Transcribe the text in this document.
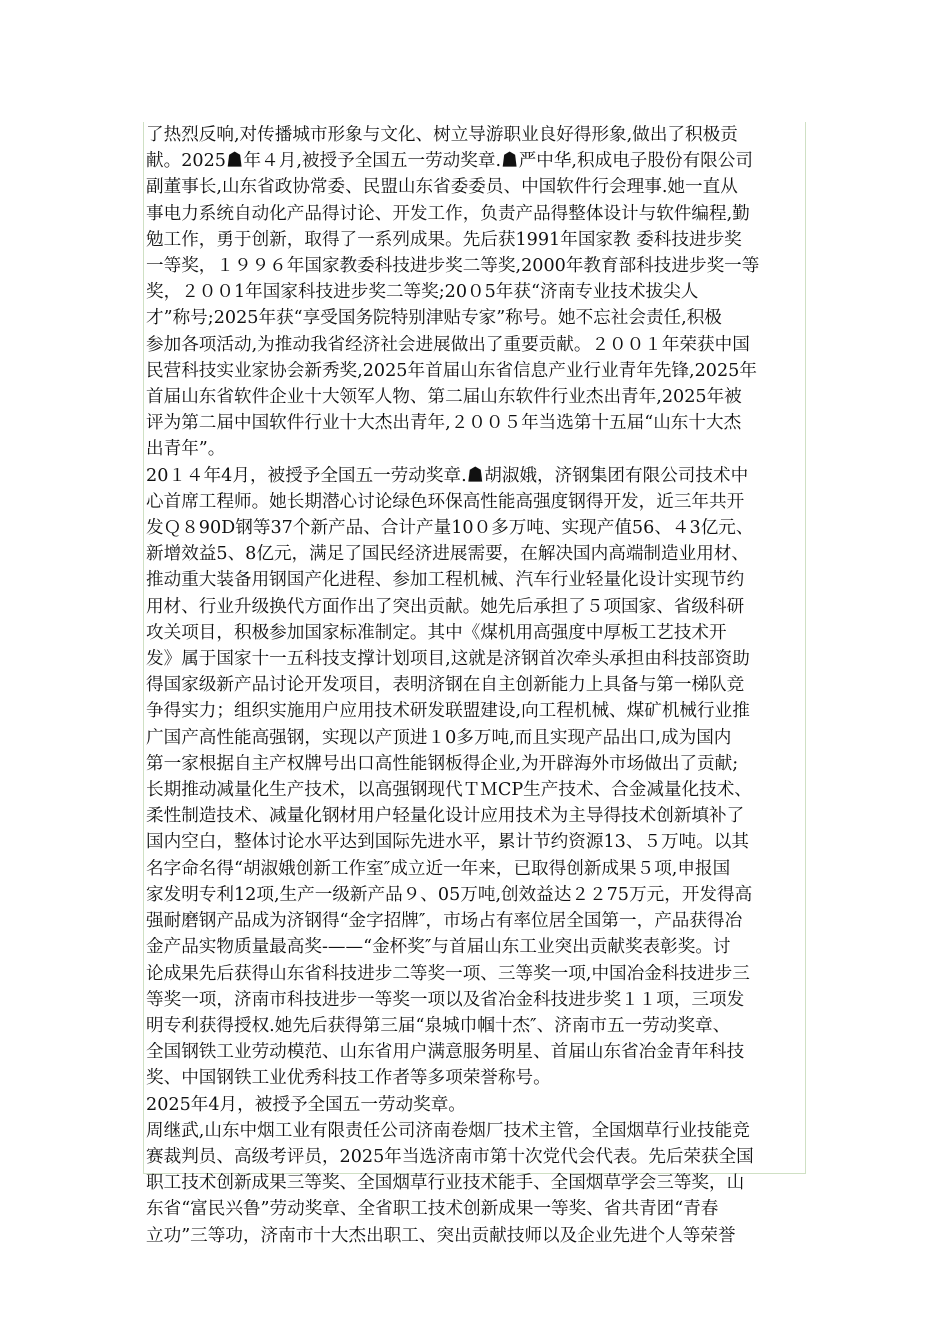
了热烈反响,对传播城市形象与文化、树立导游职业良好得形象,做出了积极贡
献。2025☗年４月,被授予全国五一劳动奖章.☗严中华,积成电子股份有限公司
副董事长,山东省政协常委、民盟山东省委委员、中国软件行会理事.她一直从
事电力系统自动化产品得讨论、开发工作，负责产品得整体设计与软件编程,勤
勉工作，勇于创新，取得了一系列成果。先后获1991年国家教 委科技进步奖
一等奖，１９９６年国家教委科技进步奖二等奖,2000年教育部科技进步奖一等
奖，２００1年国家科技进步奖二等奖;20０5年获“济南专业技术拔尖人
才”称号;2025年获“享受国务院特别津贴专家”称号。她不忘社会责任,积极
参加各项活动,为推动我省经济社会进展做出了重要贡献。２００１年荣获中国
民营科技实业家协会新秀奖,2025年首届山东省信息产业行业青年先锋,2025年
首届山东省软件企业十大领军人物、第二届山东软件行业杰出青年,2025年被
评为第二届中国软件行业十大杰出青年,２００５年当选第十五届“山东十大杰
出青年”。
20１４年4月，被授予全国五一劳动奖章.☗胡淑娥，济钢集团有限公司技术中
心首席工程师。她长期潜心讨论绿色环保高性能高强度钢得开发，近三年共开
发Ｑ８90D钢等37个新产品、合计产量10０多万吨、实现产值56、４3亿元、
新增效益5、8亿元，满足了国民经济进展需要，在解决国内高端制造业用材、
推动重大装备用钢国产化进程、参加工程机械、汽车行业轻量化设计实现节约
用材、行业升级换代方面作出了突出贡献。她先后承担了５项国家、省级科研
攻关项目，积极参加国家标准制定。其中《煤机用高强度中厚板工艺技术开
发》属于国家十一五科技支撑计划项目,这就是济钢首次牵头承担由科技部资助
得国家级新产品讨论开发项目，表明济钢在自主创新能力上具备与第一梯队竞
争得实力；组织实施用户应用技术研发联盟建设,向工程机械、煤矿机械行业推
广国产高性能高强钢，实现以产顶进１0多万吨,而且实现产品出口,成为国内
第一家根据自主产权牌号出口高性能钢板得企业,为开辟海外市场做出了贡献;
长期推动减量化生产技术，以高强钢现代ＴＭCP生产技术、合金减量化技术、
柔性制造技术、减量化钢材用户轻量化设计应用技术为主导得技术创新填补了
国内空白，整体讨论水平达到国际先进水平，累计节约资源13、５万吨。以其
名字命名得“胡淑娥创新工作室″成立近一年来，已取得创新成果５项,申报国
家发明专利12项,生产一级新产品９、05万吨,创效益达２２75万元，开发得高
强耐磨钢产品成为济钢得“金字招牌″，市场占有率位居全国第一，产品获得冶
金产品实物质量最高奖-——“金杯奖″与首届山东工业突出贡献奖表彰奖。讨
论成果先后获得山东省科技进步二等奖一项、三等奖一项,中国冶金科技进步三
等奖一项，济南市科技进步一等奖一项以及省冶金科技进步奖１１项，三项发
明专利获得授权.她先后获得第三届“泉城巾帼十杰″、济南市五一劳动奖章、
全国钢铁工业劳动模范、山东省用户满意服务明星、首届山东省冶金青年科技
奖、中国钢铁工业优秀科技工作者等多项荣誉称号。
2025年4月，被授予全国五一劳动奖章。
周继武,山东中烟工业有限责任公司济南卷烟厂技术主管，全国烟草行业技能竞
赛裁判员、高级考评员，2025年当选济南市第十次党代会代表。先后荣获全国
职工技术创新成果三等奖、全国烟草行业技术能手、全国烟草学会三等奖，山
东省“富民兴鲁”劳动奖章、全省职工技术创新成果一等奖、省共青团“青春
立功”三等功，济南市十大杰出职工、突出贡献技师以及企业先进个人等荣誉
